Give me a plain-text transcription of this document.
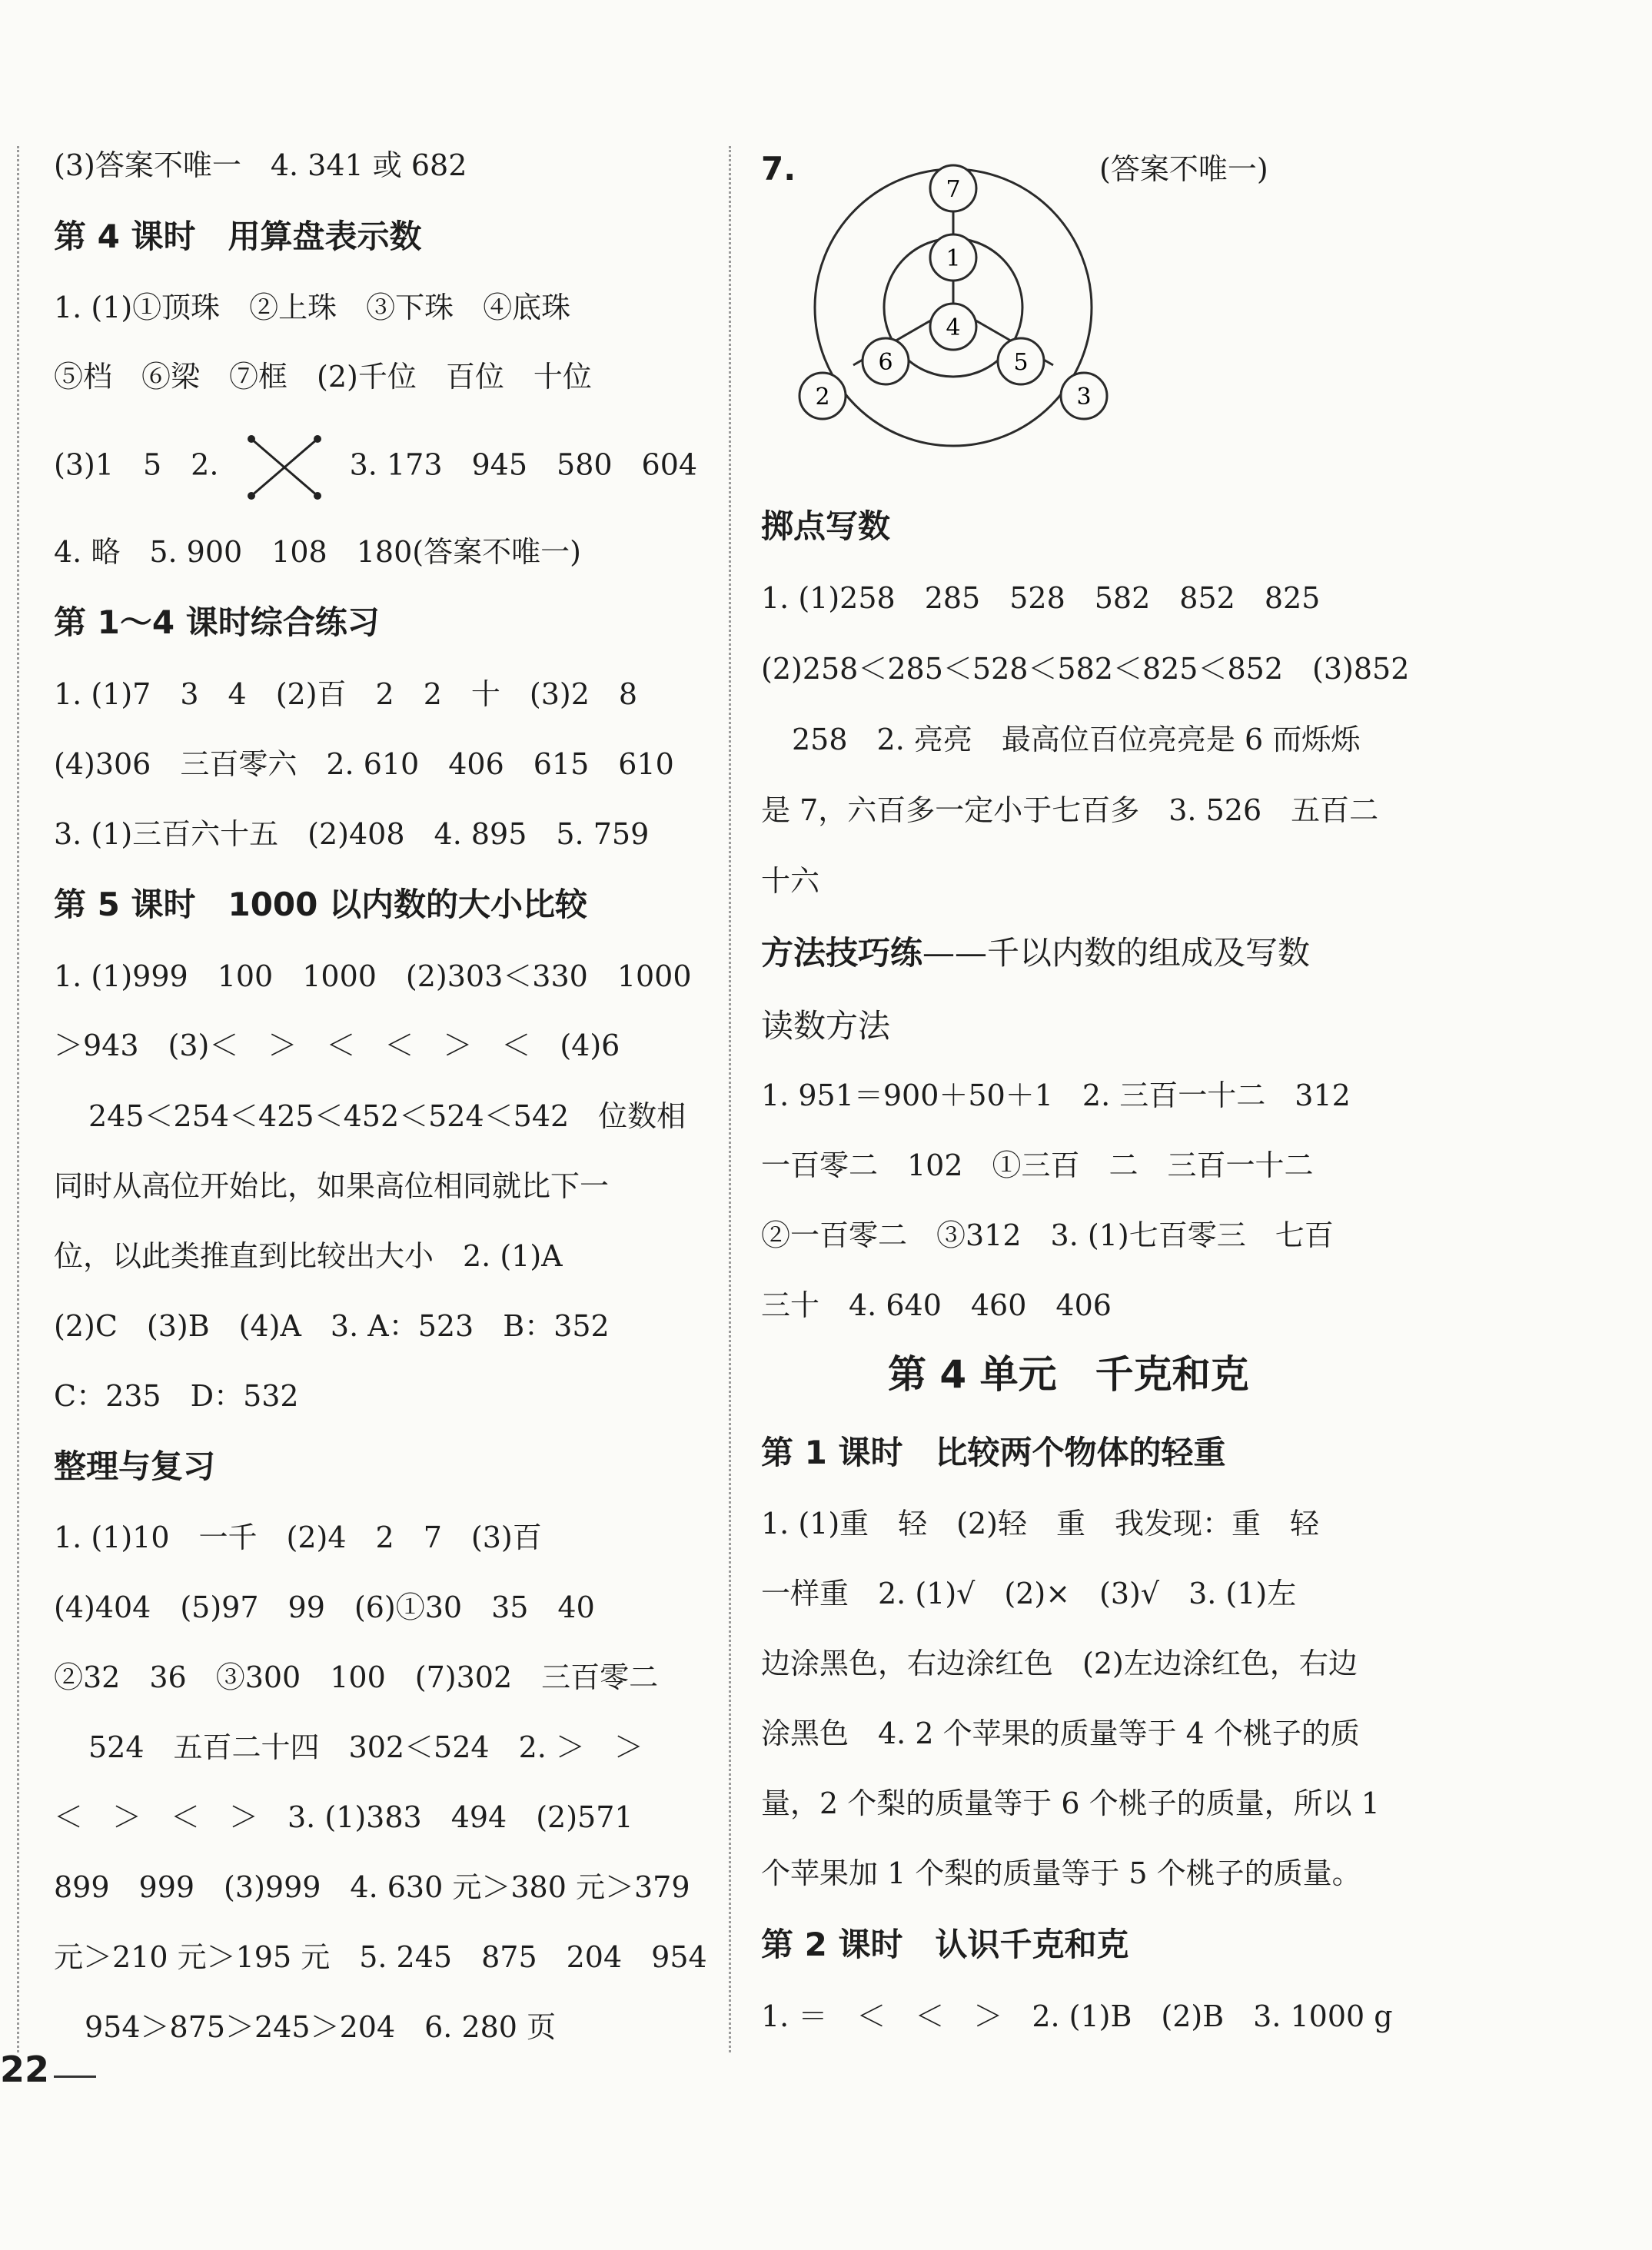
(3)答案不唯一　4. 341 或 682
第 4 课时　用算盘表示数
1. (1)①顶珠　②上珠　③下珠　④底珠
⑤档　⑥梁　⑦框　(2)千位　百位　十位
(3)1　5　2.	3. 173　945　580　604
4. 略　5. 900　108　180(答案不唯一)
第 1～4 课时综合练习
1. (1)7　3　4　(2)百　2　2　十　(3)2　8
(4)306　三百零六　2. 610　406　615　610
3. (1)三百六十五　(2)408　4. 895　5. 759
第 5 课时　1000 以内数的大小比较
1. (1)999　100　1000　(2)303＜330　1000
＞943　(3)＜　＞　＜　＜　＞　＜　(4)6
245＜254＜425＜452＜524＜542　位数相
同时从高位开始比，如果高位相同就比下一
位，以此类推直到比较出大小　2. (1)A
(2)C　(3)B　(4)A　3. A：523　B：352
C：235　D：532
整理与复习
1. (1)10　一千　(2)4　2　7　(3)百
(4)404　(5)97　99　(6)①30　35　40
②32　36　③300　100　(7)302　三百零二
524　五百二十四　302＜524　2. ＞　＞
＜　＞　＜　＞　3. (1)383　494　(2)571
899　999　(3)999　4. 630 元＞380 元＞379
元＞210 元＞195 元　5. 245　875　204　954
954＞875＞245＞204　6. 280 页
7.	(答案不唯一)
7
1
4
6	5
2	3
掷点写数
1. (1)258　285　528　582　852　825
(2)258＜285＜528＜582＜825＜852　(3)852
258　2. 亮亮　最高位百位亮亮是 6 而烁烁
是 7，六百多一定小于七百多　3. 526　五百二
十六
方法技巧练——千以内数的组成及写数
读数方法
1. 951＝900＋50＋1　2. 三百一十二　312
一百零二　102　①三百　二　三百一十二
②一百零二　③312　3. (1)七百零三　七百
三十　4. 640　460　406
第 4 单元　千克和克
第 1 课时　比较两个物体的轻重
1. (1)重　轻　(2)轻　重　我发现：重　轻
一样重　2. (1)√　(2)×　(3)√　3. (1)左
边涂黑色，右边涂红色　(2)左边涂红色，右边
涂黑色　4. 2 个苹果的质量等于 4 个桃子的质
量，2 个梨的质量等于 6 个桃子的质量，所以 1
个苹果加 1 个梨的质量等于 5 个桃子的质量。
第 2 课时　认识千克和克
1. ＝　＜　＜　＞　2. (1)B　(2)B　3. 1000 g
22
